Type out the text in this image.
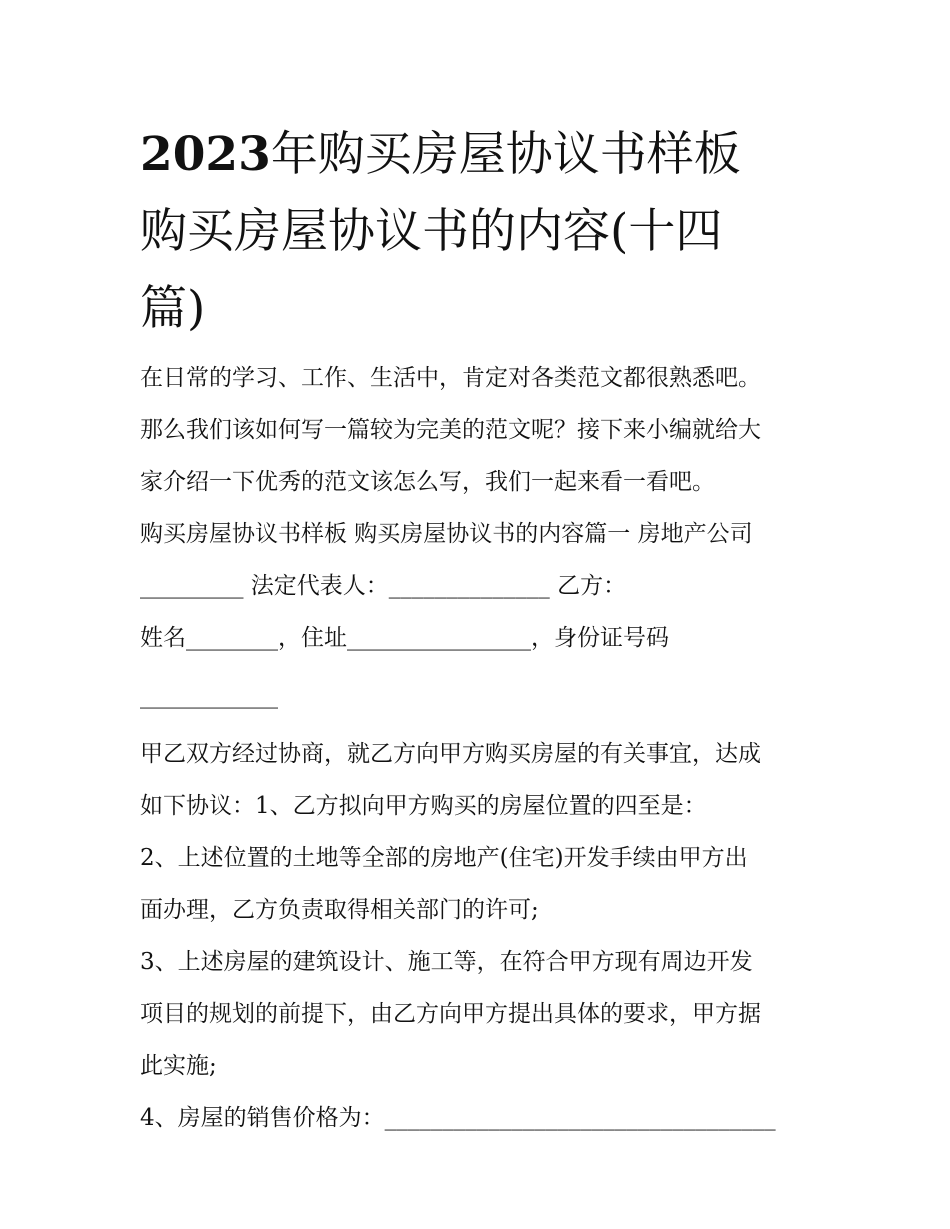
2023年购买房屋协议书样板
购买房屋协议书的内容(十四
篇)
在日常的学习、工作、生活中，肯定对各类范文都很熟悉吧。
那么我们该如何写一篇较为完美的范文呢？接下来小编就给大
家介绍一下优秀的范文该怎么写，我们一起来看一看吧。
购买房屋协议书样板 购买房屋协议书的内容篇一 房地产公司
_________ 法定代表人：______________ 乙方：
姓名________，住址________________，身份证号码
____________
甲乙双方经过协商，就乙方向甲方购买房屋的有关事宜，达成
如下协议：1、乙方拟向甲方购买的房屋位置的四至是：
2、上述位置的土地等全部的房地产(住宅)开发手续由甲方出
面办理，乙方负责取得相关部门的许可;
3、上述房屋的建筑设计、施工等，在符合甲方现有周边开发
项目的规划的前提下，由乙方向甲方提出具体的要求，甲方据
此实施;
4、房屋的销售价格为：__________________________________
